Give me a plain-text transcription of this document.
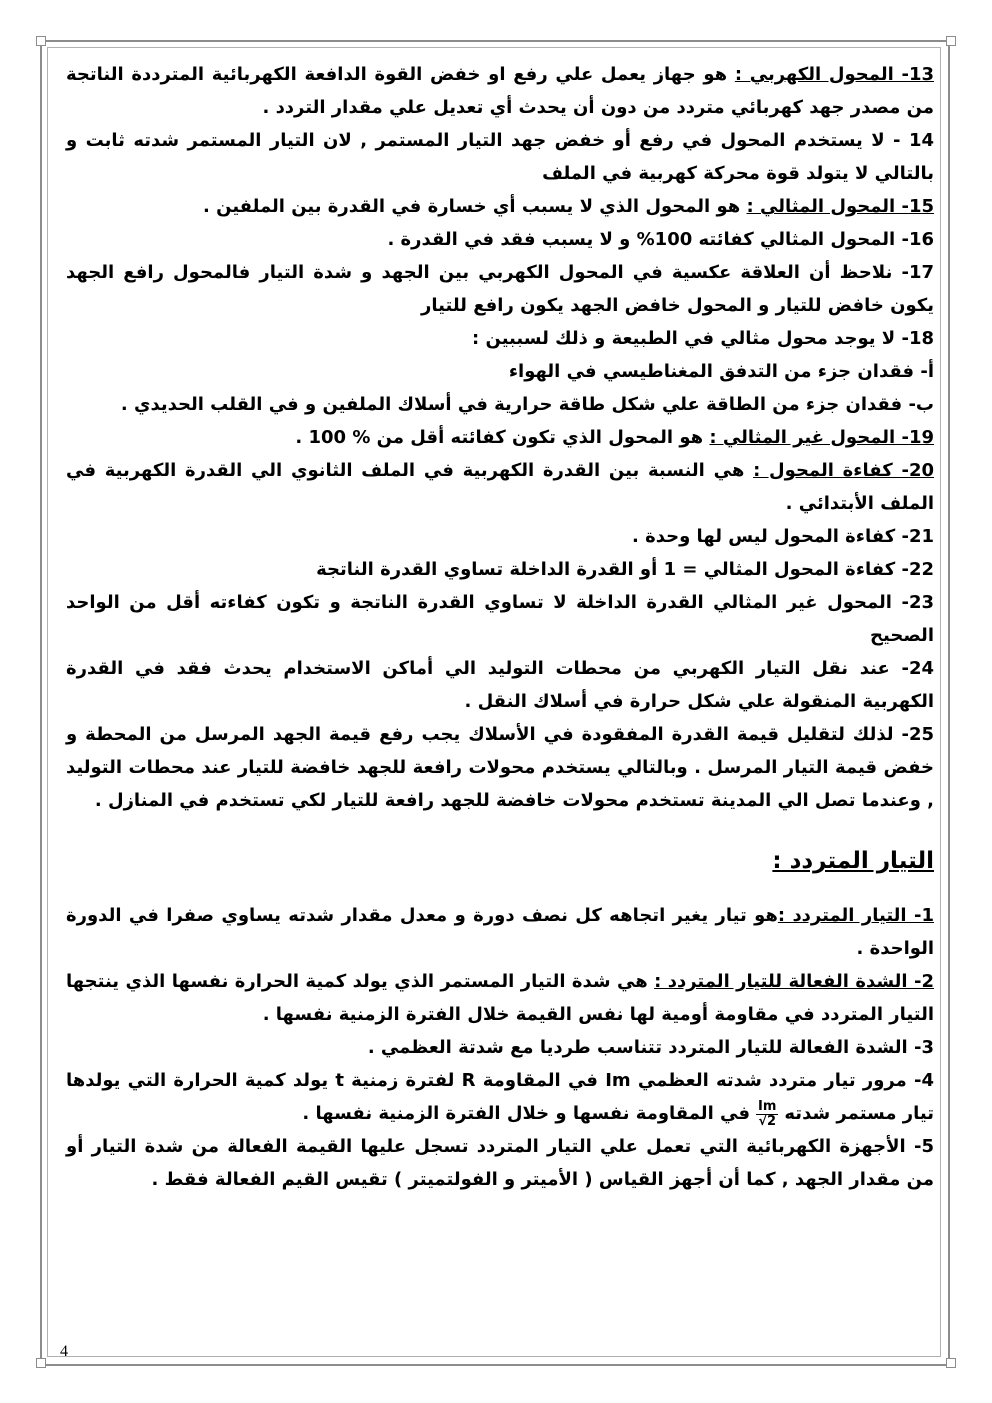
13- المحول الكهربي : هو جهاز يعمل علي رفع او خفض القوة الدافعة الكهربائية المترددة الناتجة من مصدر جهد كهربائي متردد من دون أن يحدث أي تعديل علي مقدار التردد .

14 - لا يستخدم المحول في رفع أو خفض جهد التيار المستمر , لان التيار المستمر شدته ثابت و بالتالي لا يتولد قوة محركة كهربية في الملف

15- المحول المثالي : هو المحول الذي لا يسبب أي خسارة في القدرة بين الملفين .

16- المحول المثالي كفائته 100% و لا يسبب فقد في القدرة .

17- نلاحظ أن العلاقة عكسية في المحول الكهربي بين الجهد و شدة التيار فالمحول رافع الجهد يكون خافض للتيار و المحول خافض الجهد يكون رافع للتيار

18- لا يوجد محول مثالي في الطبيعة و ذلك لسببين :

أ- فقدان جزء من التدفق المغناطيسي في الهواء

ب- فقدان جزء من الطاقة علي شكل طاقة حرارية في أسلاك الملفين و في القلب الحديدي .

19- المحول غير المثالي : هو المحول الذي تكون كفائته أقل من % 100 .

20- كفاءة المحول : هي النسبة بين القدرة الكهربية في الملف الثانوي الي القدرة الكهربية في الملف الأبتدائي .

21- كفاءة المحول ليس لها وحدة .

22- كفاءة المحول المثالي = 1 أو القدرة الداخلة تساوي القدرة الناتجة

23- المحول غير المثالي القدرة الداخلة لا تساوي القدرة الناتجة و تكون كفاءته أقل من الواحد الصحيح

24- عند نقل التيار الكهربي من محطات التوليد الي أماكن الاستخدام يحدث فقد في القدرة الكهربية المنقولة علي شكل حرارة في أسلاك النقل .

25- لذلك لتقليل قيمة القدرة المفقودة في الأسلاك يجب رفع قيمة الجهد المرسل من المحطة و خفض قيمة التيار المرسل . وبالتالي يستخدم محولات رافعة للجهد خافضة للتيار عند محطات التوليد , وعندما تصل الي المدينة تستخدم محولات خافضة للجهد رافعة للتيار لكي تستخدم في المنازل .

التيار المتردد :

1- التيار المتردد :هو تيار يغير اتجاهه كل نصف دورة و معدل مقدار شدته يساوي صفرا في الدورة الواحدة .

2- الشدة الفعالة للتيار المتردد : هي شدة التيار المستمر الذي يولد كمية الحرارة نفسها الذي ينتجها التيار المتردد في مقاومة أومية لها نفس القيمة خلال الفترة الزمنية نفسها .

3- الشدة الفعالة للتيار المتردد تتناسب طرديا مع شدتة العظمي .

4- مرور تيار متردد شدته العظمي Im في المقاومة R لفترة زمنية t يولد كمية الحرارة التي يولدها تيار مستمر شدته
$\frac{Im}{√2}$
في المقاومة نفسها و خلال الفترة الزمنية نفسها .

5- الأجهزة الكهربائية التي تعمل علي التيار المتردد تسجل عليها القيمة الفعالة من شدة التيار أو من مقدار الجهد , كما أن أجهز القياس ( الأميتر و الفولتميتر ) تقيس القيم الفعالة فقط .

4
